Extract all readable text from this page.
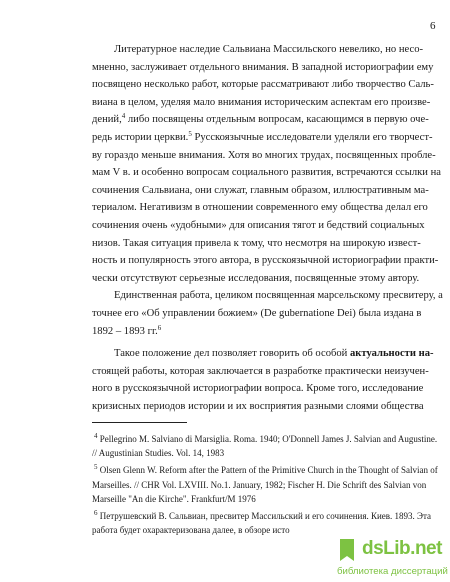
6
Литературное наследие Сальвиана Массильского невелико, но несо-
мненно, заслуживает отдельного внимания. В западной историографии ему
посвящено несколько работ, которые рассматривают либо творчество Саль-
виана в целом, уделяя мало внимания историческим аспектам его произве-
дений,$^4$ либо посвящены отдельным вопросам, касающимся в первую оче-
редь истории церкви.$^5$ Русскоязычные исследователи уделяли его творчест-
ву гораздо меньше внимания. Хотя во многих трудах, посвященных пробле-
мам V в. и особенно вопросам социального развития, встречаются ссылки на
сочинения Сальвиана, они служат, главным образом, иллюстративным ма-
териалом. Негативизм в отношении современного ему общества делал его
сочинения очень «удобными» для описания тягот и бедствий социальных
низов. Такая ситуация привела к тому, что несмотря на широкую извест-
ность и популярность этого автора, в русскоязычной историографии практи-
чески отсутствуют серьезные исследования, посвященные этому автору.
Единственная работа, целиком посвященная марсельскому пресвитеру, а
точнее его «Об управлении божием» (De gubernatione Dei) была издана в
1892 – 1893 гг.$^6$
Такое положение дел позволяет говорить об особой актуальности на-
стоящей работы, которая заключается в разработке практически неизучен-
ного в русскоязычной историографии вопроса. Кроме того, исследование
кризисных периодов истории и их восприятия разными слоями общества
$^4$ Pellegrino M. Salviano di Marsiglia. Roma. 1940; O'Donnell James J. Salvian and Augustine.
// Augustinian Studies. Vol. 14, 1983
$^5$ Olsen Glenn W. Reform after the Pattern of the Primitive Church in the Thought of Salvian of
Marseilles. // CHR Vol. LXVIII. No.1. January, 1982; Fischer H. Die Schrift des Salvian von
Marseille "An die Kirche". Frankfurt/M 1976
$^6$ Петрушевский В. Сальвиан, пресвитер Массильский и его сочинения. Киев. 1893. Эта
работа будет охарактеризована далее, в обзоре исто
dsLib.net
библиотека диссертаций
